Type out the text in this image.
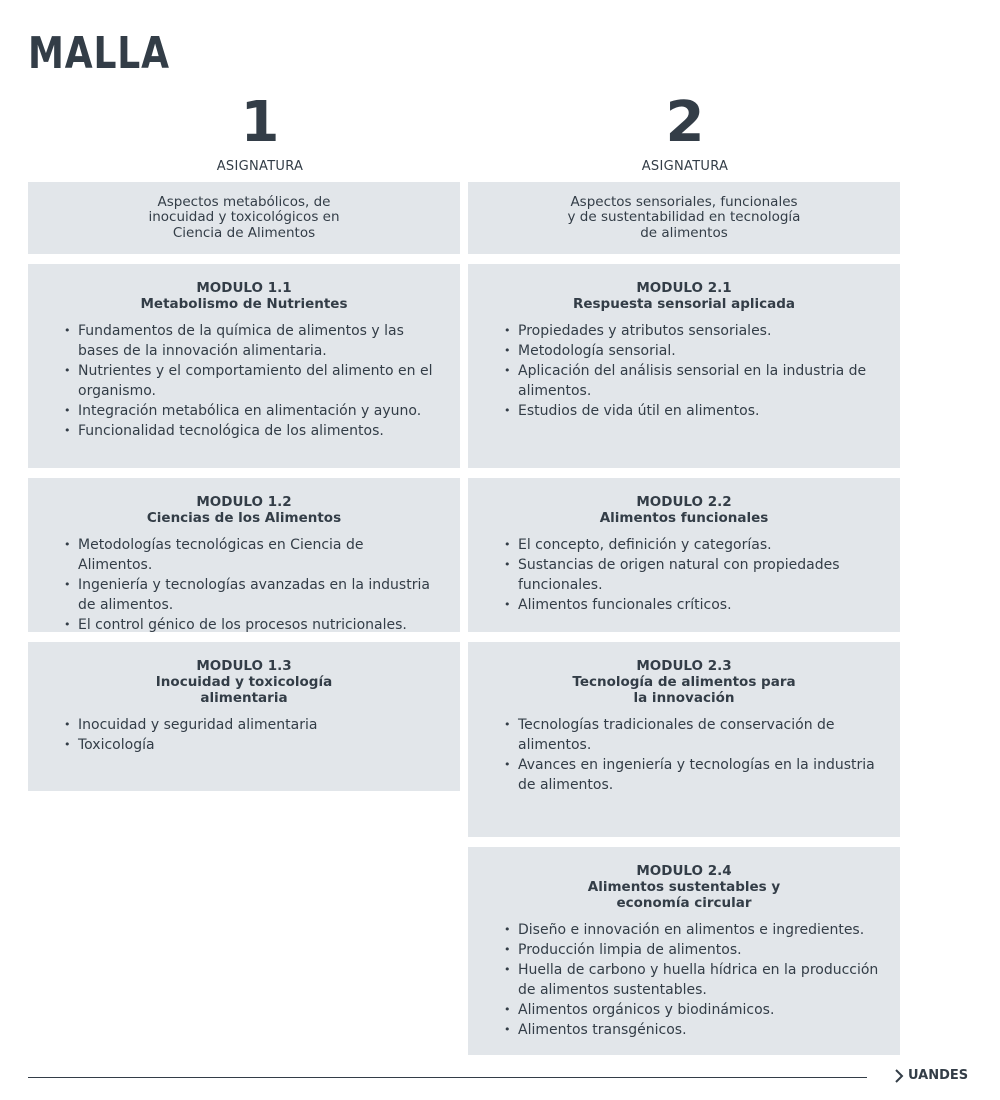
MALLA
1
ASIGNATURA
2
ASIGNATURA
Aspectos metabólicos, de
inocuidad y toxicológicos en
Ciencia de Alimentos
Aspectos sensoriales, funcionales
y de sustentabilidad en tecnología
de alimentos
MODULO 1.1
Metabolismo de Nutrientes
• Fundamentos de la química de alimentos y las bases de la innovación alimentaria.
• Nutrientes y el comportamiento del alimento en el organismo.
• Integración metabólica en alimentación y ayuno.
• Funcionalidad tecnológica de los alimentos.
MODULO 2.1
Respuesta sensorial aplicada
• Propiedades y atributos sensoriales.
• Metodología sensorial.
• Aplicación del análisis sensorial en la industria de alimentos.
• Estudios de vida útil en alimentos.
MODULO 1.2
Ciencias de los Alimentos
• Metodologías tecnológicas en Ciencia de Alimentos.
• Ingeniería y tecnologías avanzadas en la industria de alimentos.
• El control génico de los procesos nutricionales.
MODULO 2.2
Alimentos funcionales
• El concepto, definición y categorías.
• Sustancias de origen natural con propiedades funcionales.
• Alimentos funcionales críticos.
MODULO 1.3
Inocuidad y toxicología
alimentaria
• Inocuidad y seguridad alimentaria
• Toxicología
MODULO 2.3
Tecnología de alimentos para
la innovación
• Tecnologías tradicionales de conservación de alimentos.
• Avances en ingeniería y tecnologías en la industria de alimentos.
MODULO 2.4
Alimentos sustentables y
economía circular
• Diseño e innovación en alimentos e ingredientes.
• Producción limpia de alimentos.
• Huella de carbono y huella hídrica en la producción de alimentos sustentables.
• Alimentos orgánicos y biodinámicos.
• Alimentos transgénicos.
UANDES
